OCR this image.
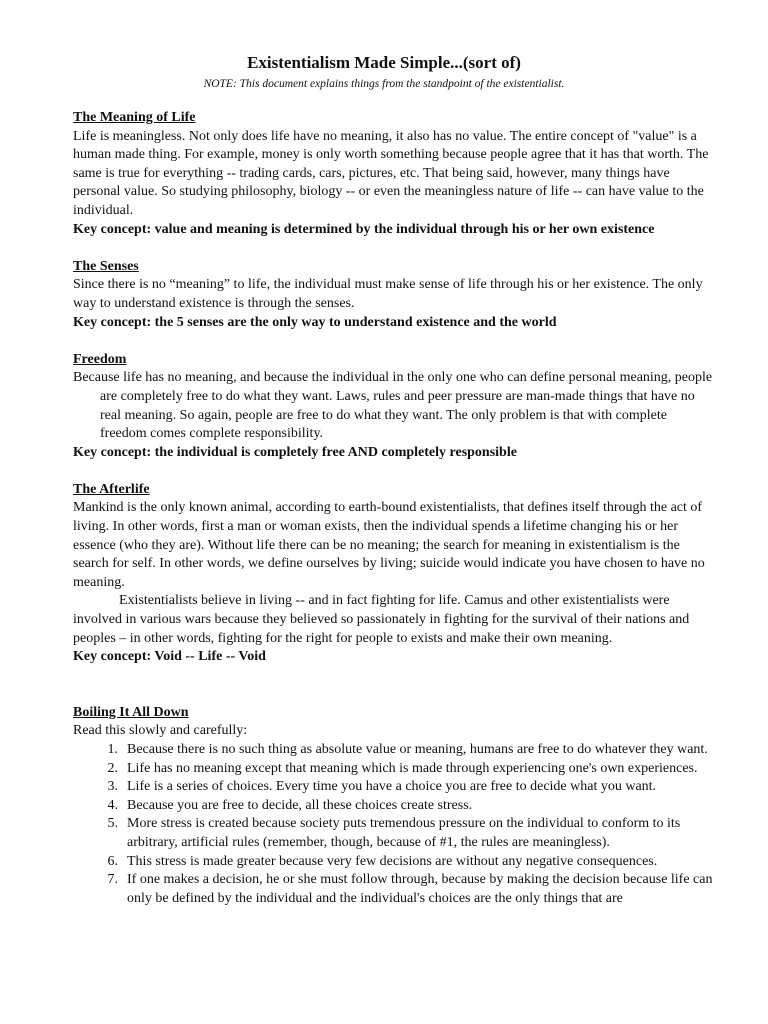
Existentialism Made Simple...(sort of)
NOTE: This document explains things from the standpoint of the existentialist.
The Meaning of Life

Life is meaningless. Not only does life have no meaning, it also has no value. The entire concept of "value" is a human made thing. For example, money is only worth something because people agree that it has that worth. The same is true for everything -- trading cards, cars, pictures, etc. That being said, however, many things have personal value. So studying philosophy, biology -- or even the meaningless nature of life -- can have value to the individual.

Key concept: value and meaning is determined by the individual through his or her own existence

The Senses

Since there is no “meaning” to life, the individual must make sense of life through his or her existence. The only way to understand existence is through the senses.

Key concept: the 5 senses are the only way to understand existence and the world

Freedom

Because life has no meaning, and because the individual in the only one who can define personal meaning, people are completely free to do what they want. Laws, rules and peer pressure are man-made things that have no real meaning. So again, people are free to do what they want. The only problem is that with complete freedom comes complete responsibility.

Key concept: the individual is completely free AND completely responsible

The Afterlife

Mankind is the only known animal, according to earth-bound existentialists, that defines itself through the act of living. In other words, first a man or woman exists, then the individual spends a lifetime changing his or her essence (who they are). Without life there can be no meaning; the search for meaning in existentialism is the search for self. In other words, we define ourselves by living; suicide would indicate you have chosen to have no meaning.

Existentialists believe in living -- and in fact fighting for life. Camus and other existentialists were involved in various wars because they believed so passionately in fighting for the survival of their nations and peoples – in other words, fighting for the right for people to exists and make their own meaning.

Key concept: Void -- Life -- Void

Boiling It All Down

Read this slowly and carefully:

1. Because there is no such thing as absolute value or meaning, humans are free to do whatever they want.
2. Life has no meaning except that meaning which is made through experiencing one's own experiences.
3. Life is a series of choices. Every time you have a choice you are free to decide what you want.
4. Because you are free to decide, all these choices create stress.
5. More stress is created because society puts tremendous pressure on the individual to conform to its arbitrary, artificial rules (remember, though, because of #1, the rules are meaningless).
6. This stress is made greater because very few decisions are without any negative consequences.
7. If one makes a decision, he or she must follow through, because by making the decision because life can only be defined by the individual and the individual's choices are the only things that are
